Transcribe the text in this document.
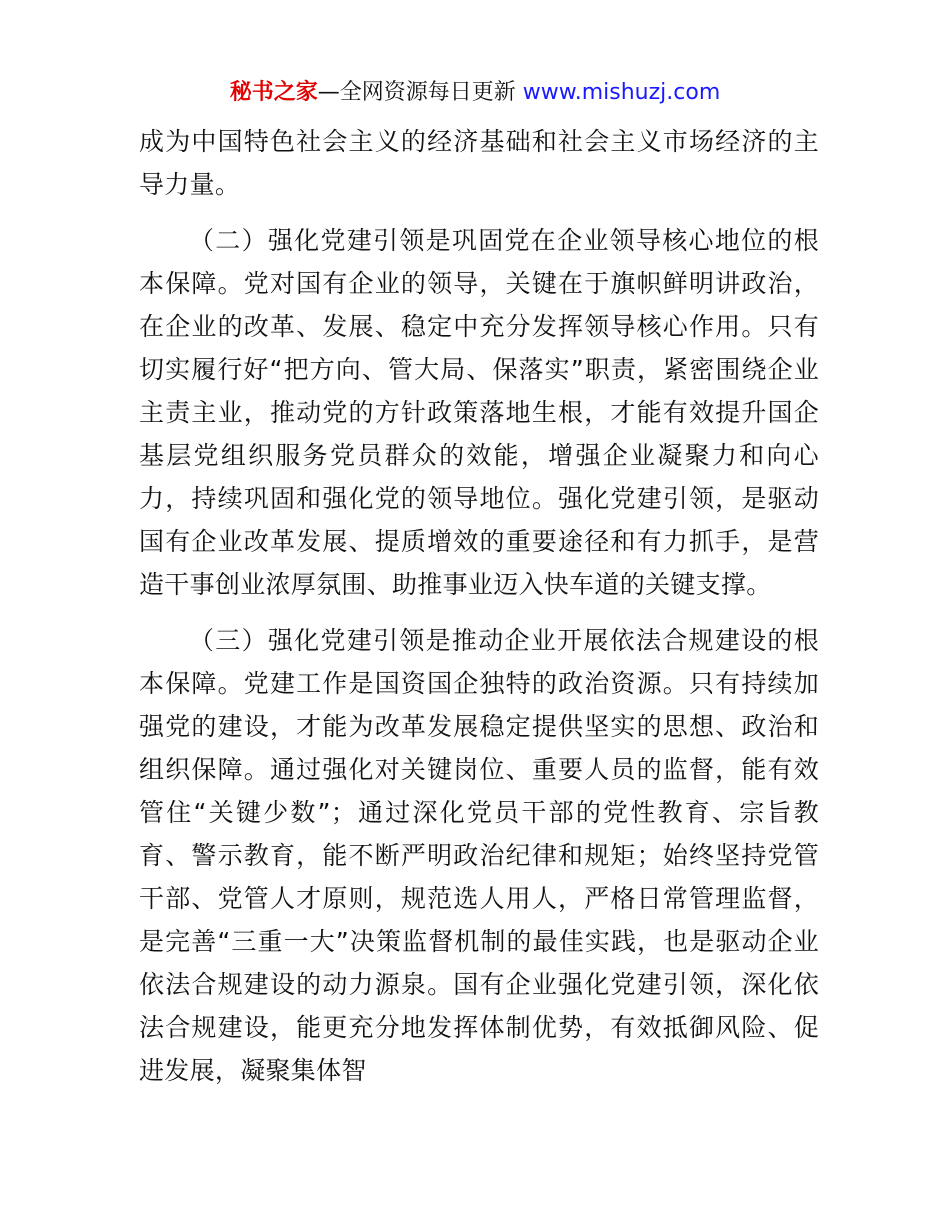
秘书之家—全网资源每日更新 www.mishuzj.com

成为中国特色社会主义的经济基础和社会主义市场经济的主导力量。

（二）强化党建引领是巩固党在企业领导核心地位的根本保障。党对国有企业的领导，关键在于旗帜鲜明讲政治，在企业的改革、发展、稳定中充分发挥领导核心作用。只有切实履行好“把方向、管大局、保落实”职责，紧密围绕企业主责主业，推动党的方针政策落地生根，才能有效提升国企基层党组织服务党员群众的效能，增强企业凝聚力和向心力，持续巩固和强化党的领导地位。强化党建引领，是驱动国有企业改革发展、提质增效的重要途径和有力抓手，是营造干事创业浓厚氛围、助推事业迈入快车道的关键支撑。

（三）强化党建引领是推动企业开展依法合规建设的根本保障。党建工作是国资国企独特的政治资源。只有持续加强党的建设，才能为改革发展稳定提供坚实的思想、政治和组织保障。通过强化对关键岗位、重要人员的监督，能有效管住“关键少数”；通过深化党员干部的党性教育、宗旨教育、警示教育，能不断严明政治纪律和规矩；始终坚持党管干部、党管人才原则，规范选人用人，严格日常管理监督，是完善“三重一大”决策监督机制的最佳实践，也是驱动企业依法合规建设的动力源泉。国有企业强化党建引领，深化依法合规建设，能更充分地发挥体制优势，有效抵御风险、促进发展，凝聚集体智
